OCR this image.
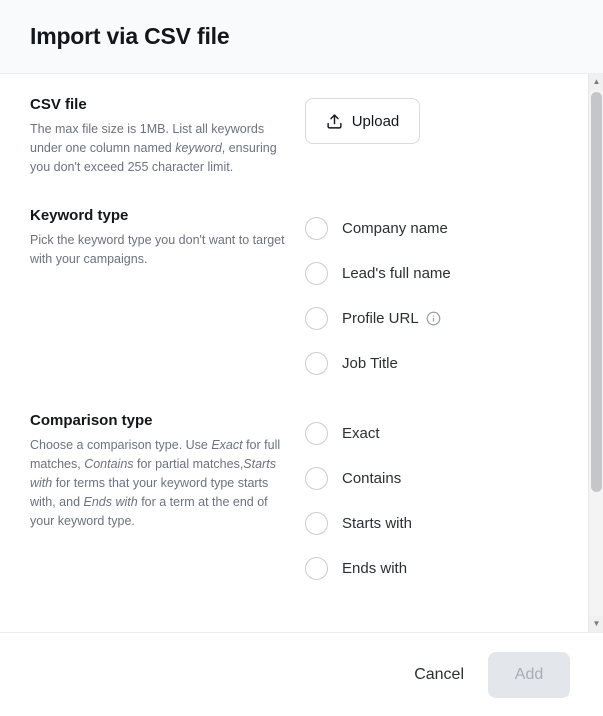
Import via CSV file
CSV file
The max file size is 1MB. List all keywords under one column named keyword, ensuring you don't exceed 255 character limit.
Upload
Keyword type
Pick the keyword type you don't want to target with your campaigns.
Company name
Lead's full name
Profile URL
Job Title
Comparison type
Choose a comparison type. Use Exact for full matches, Contains for partial matches,Starts with for terms that your keyword type starts with, and Ends with for a term at the end of your keyword type.
Exact
Contains
Starts with
Ends with
▲
▼
Cancel	Add
